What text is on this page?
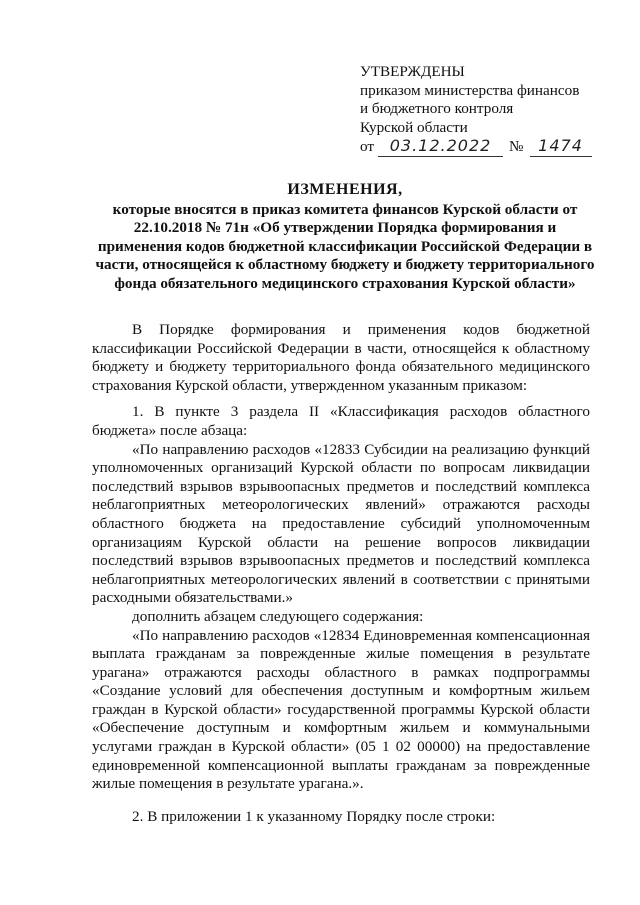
УТВЕРЖДЕНЫ
приказом министерства финансов
и бюджетного контроля
Курской области
от 03.12.2022 № 1474
ИЗМЕНЕНИЯ,
которые вносятся в приказ комитета финансов Курской области от 22.10.2018 № 71н «Об утверждении Порядка формирования и применения кодов бюджетной классификации Российской Федерации в части, относящейся к областному бюджету и бюджету территориального фонда обязательного медицинского страхования Курской области»

В Порядке формирования и применения кодов бюджетной классификации Российской Федерации в части, относящейся к областному бюджету и бюджету территориального фонда обязательного медицинского страхования Курской области, утвержденном указанным приказом:

1. В пункте 3 раздела II «Классификация расходов областного бюджета» после абзаца:

«По направлению расходов «12833 Субсидии на реализацию функций уполномоченных организаций Курской области по вопросам ликвидации последствий взрывов взрывоопасных предметов и последствий комплекса неблагоприятных метеорологических явлений» отражаются расходы областного бюджета на предоставление субсидий уполномоченным организациям Курской области на решение вопросов ликвидации последствий взрывов взрывоопасных предметов и последствий комплекса неблагоприятных метеорологических явлений в соответствии с принятыми расходными обязательствами.»

дополнить абзацем следующего содержания:

«По направлению расходов «12834 Единовременная компенсационная выплата гражданам за поврежденные жилые помещения в результате урагана» отражаются расходы областного в рамках подпрограммы «Создание условий для обеспечения доступным и комфортным жильем граждан в Курской области» государственной программы Курской области «Обеспечение доступным и комфортным жильем и коммунальными услугами граждан в Курской области» (05 1 02 00000) на предоставление единовременной компенсационной выплаты гражданам за поврежденные жилые помещения в результате урагана.».

2. В приложении 1 к указанному Порядку после строки:
